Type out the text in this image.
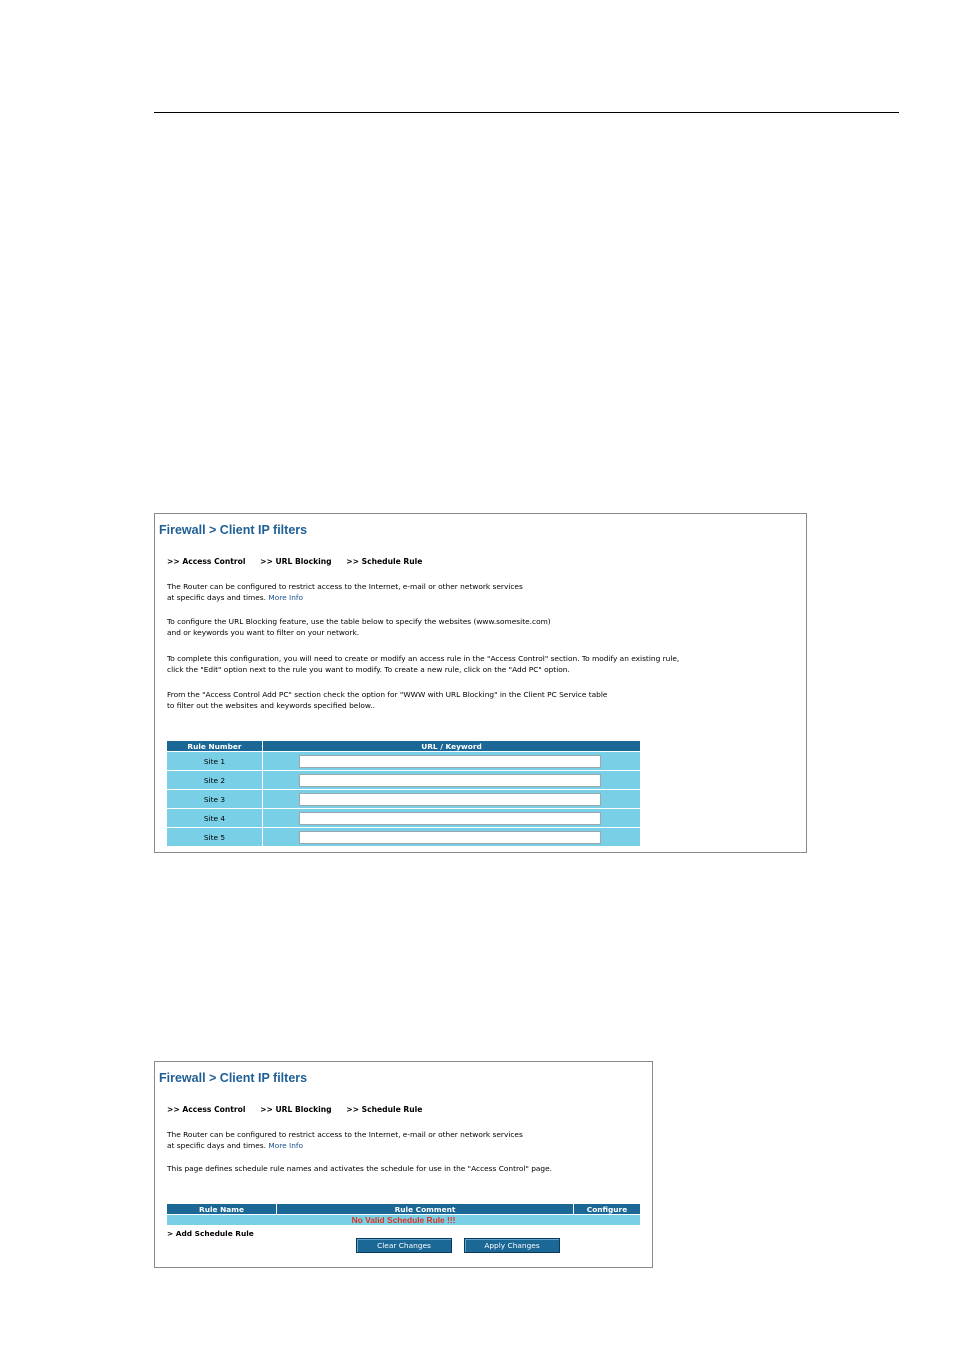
Firewall > Client IP filters
>> Access Control >> URL Blocking >> Schedule Rule
The Router can be configured to restrict access to the Internet, e-mail or other network services
at specific days and times. More Info
To configure the URL Blocking feature, use the table below to specify the websites (www.somesite.com)
and or keywords you want to filter on your network.
To complete this configuration, you will need to create or modify an access rule in the "Access Control" section. To modify an existing rule,
click the "Edit" option next to the rule you want to modify. To create a new rule, click on the "Add PC" option.
From the "Access Control Add PC" section check the option for "WWW with URL Blocking" in the Client PC Service table
to filter out the websites and keywords specified below..
Rule Number	URL / Keyword
Site 1	
Site 2	
Site 3	
Site 4	
Site 5	
Firewall > Client IP filters
>> Access Control >> URL Blocking >> Schedule Rule
The Router can be configured to restrict access to the Internet, e-mail or other network services
at specific days and times. More Info
This page defines schedule rule names and activates the schedule for use in the "Access Control" page.
Rule Name	Rule Comment	Configure
No Valid Schedule Rule !!!
> Add Schedule Rule
Clear Changes	Apply Changes
